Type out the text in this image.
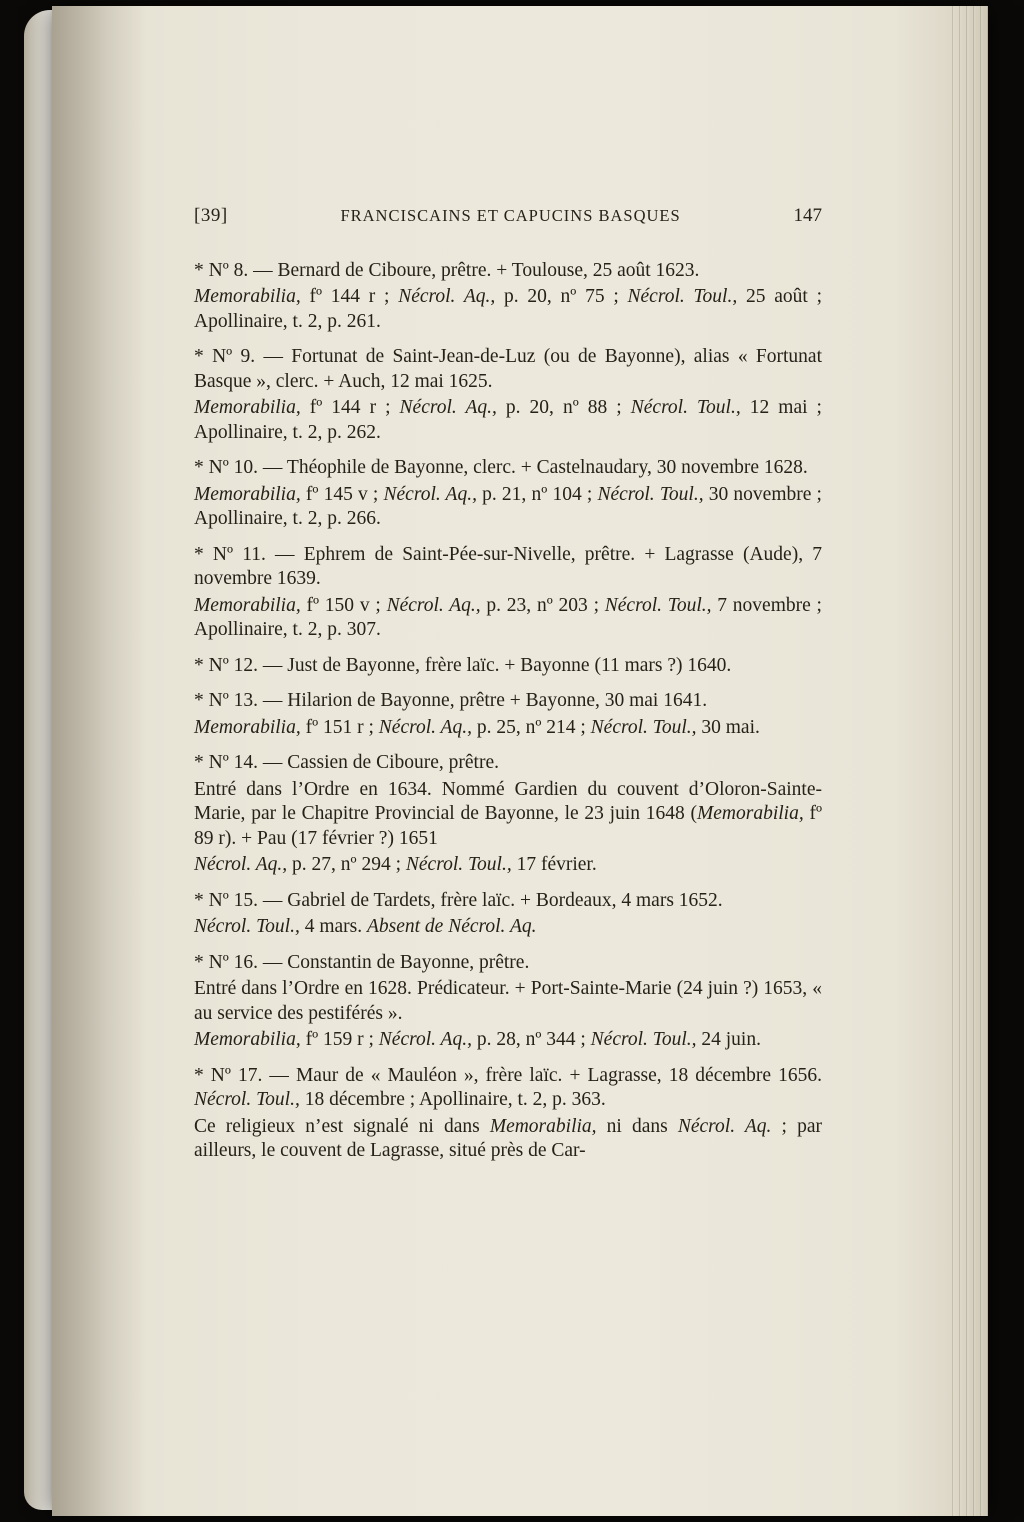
[39]	FRANCISCAINS ET CAPUCINS BASQUES	147

* Nº 8. — Bernard de Ciboure, prêtre. + Toulouse, 25 août 1623.

Memorabilia, fº 144 r ; Nécrol. Aq., p. 20, nº 75 ; Nécrol. Toul., 25 août ; Apollinaire, t. 2, p. 261.

* Nº 9. — Fortunat de Saint-Jean-de-Luz (ou de Bayonne), alias « Fortunat Basque », clerc. + Auch, 12 mai 1625.

Memorabilia, fº 144 r ; Nécrol. Aq., p. 20, nº 88 ; Nécrol. Toul., 12 mai ; Apollinaire, t. 2, p. 262.

* Nº 10. — Théophile de Bayonne, clerc. + Castelnaudary, 30 novembre 1628.

Memorabilia, fº 145 v ; Nécrol. Aq., p. 21, nº 104 ; Nécrol. Toul., 30 novembre ; Apollinaire, t. 2, p. 266.

* Nº 11. — Ephrem de Saint-Pée-sur-Nivelle, prêtre. + Lagrasse (Aude), 7 novembre 1639.

Memorabilia, fº 150 v ; Nécrol. Aq., p. 23, nº 203 ; Nécrol. Toul., 7 novembre ; Apollinaire, t. 2, p. 307.

* Nº 12. — Just de Bayonne, frère laïc. + Bayonne (11 mars ?) 1640.

* Nº 13. — Hilarion de Bayonne, prêtre + Bayonne, 30 mai 1641.

Memorabilia, fº 151 r ; Nécrol. Aq., p. 25, nº 214 ; Nécrol. Toul., 30 mai.

* Nº 14. — Cassien de Ciboure, prêtre.

Entré dans l’Ordre en 1634. Nommé Gardien du couvent d’Oloron-Sainte-Marie, par le Chapitre Provincial de Bayonne, le 23 juin 1648 (Memorabilia, fº 89 r). + Pau (17 février ?) 1651

Nécrol. Aq., p. 27, nº 294 ; Nécrol. Toul., 17 février.

* Nº 15. — Gabriel de Tardets, frère laïc. + Bordeaux, 4 mars 1652.

Nécrol. Toul., 4 mars. Absent de Nécrol. Aq.

* Nº 16. — Constantin de Bayonne, prêtre.

Entré dans l’Ordre en 1628. Prédicateur. + Port-Sainte-Marie (24 juin ?) 1653, « au service des pestiférés ».

Memorabilia, fº 159 r ; Nécrol. Aq., p. 28, nº 344 ; Nécrol. Toul., 24 juin.

* Nº 17. — Maur de « Mauléon », frère laïc. + Lagrasse, 18 décembre 1656. Nécrol. Toul., 18 décembre ; Apollinaire, t. 2, p. 363.

Ce religieux n’est signalé ni dans Memorabilia, ni dans Nécrol. Aq. ; par ailleurs, le couvent de Lagrasse, situé près de Car-
